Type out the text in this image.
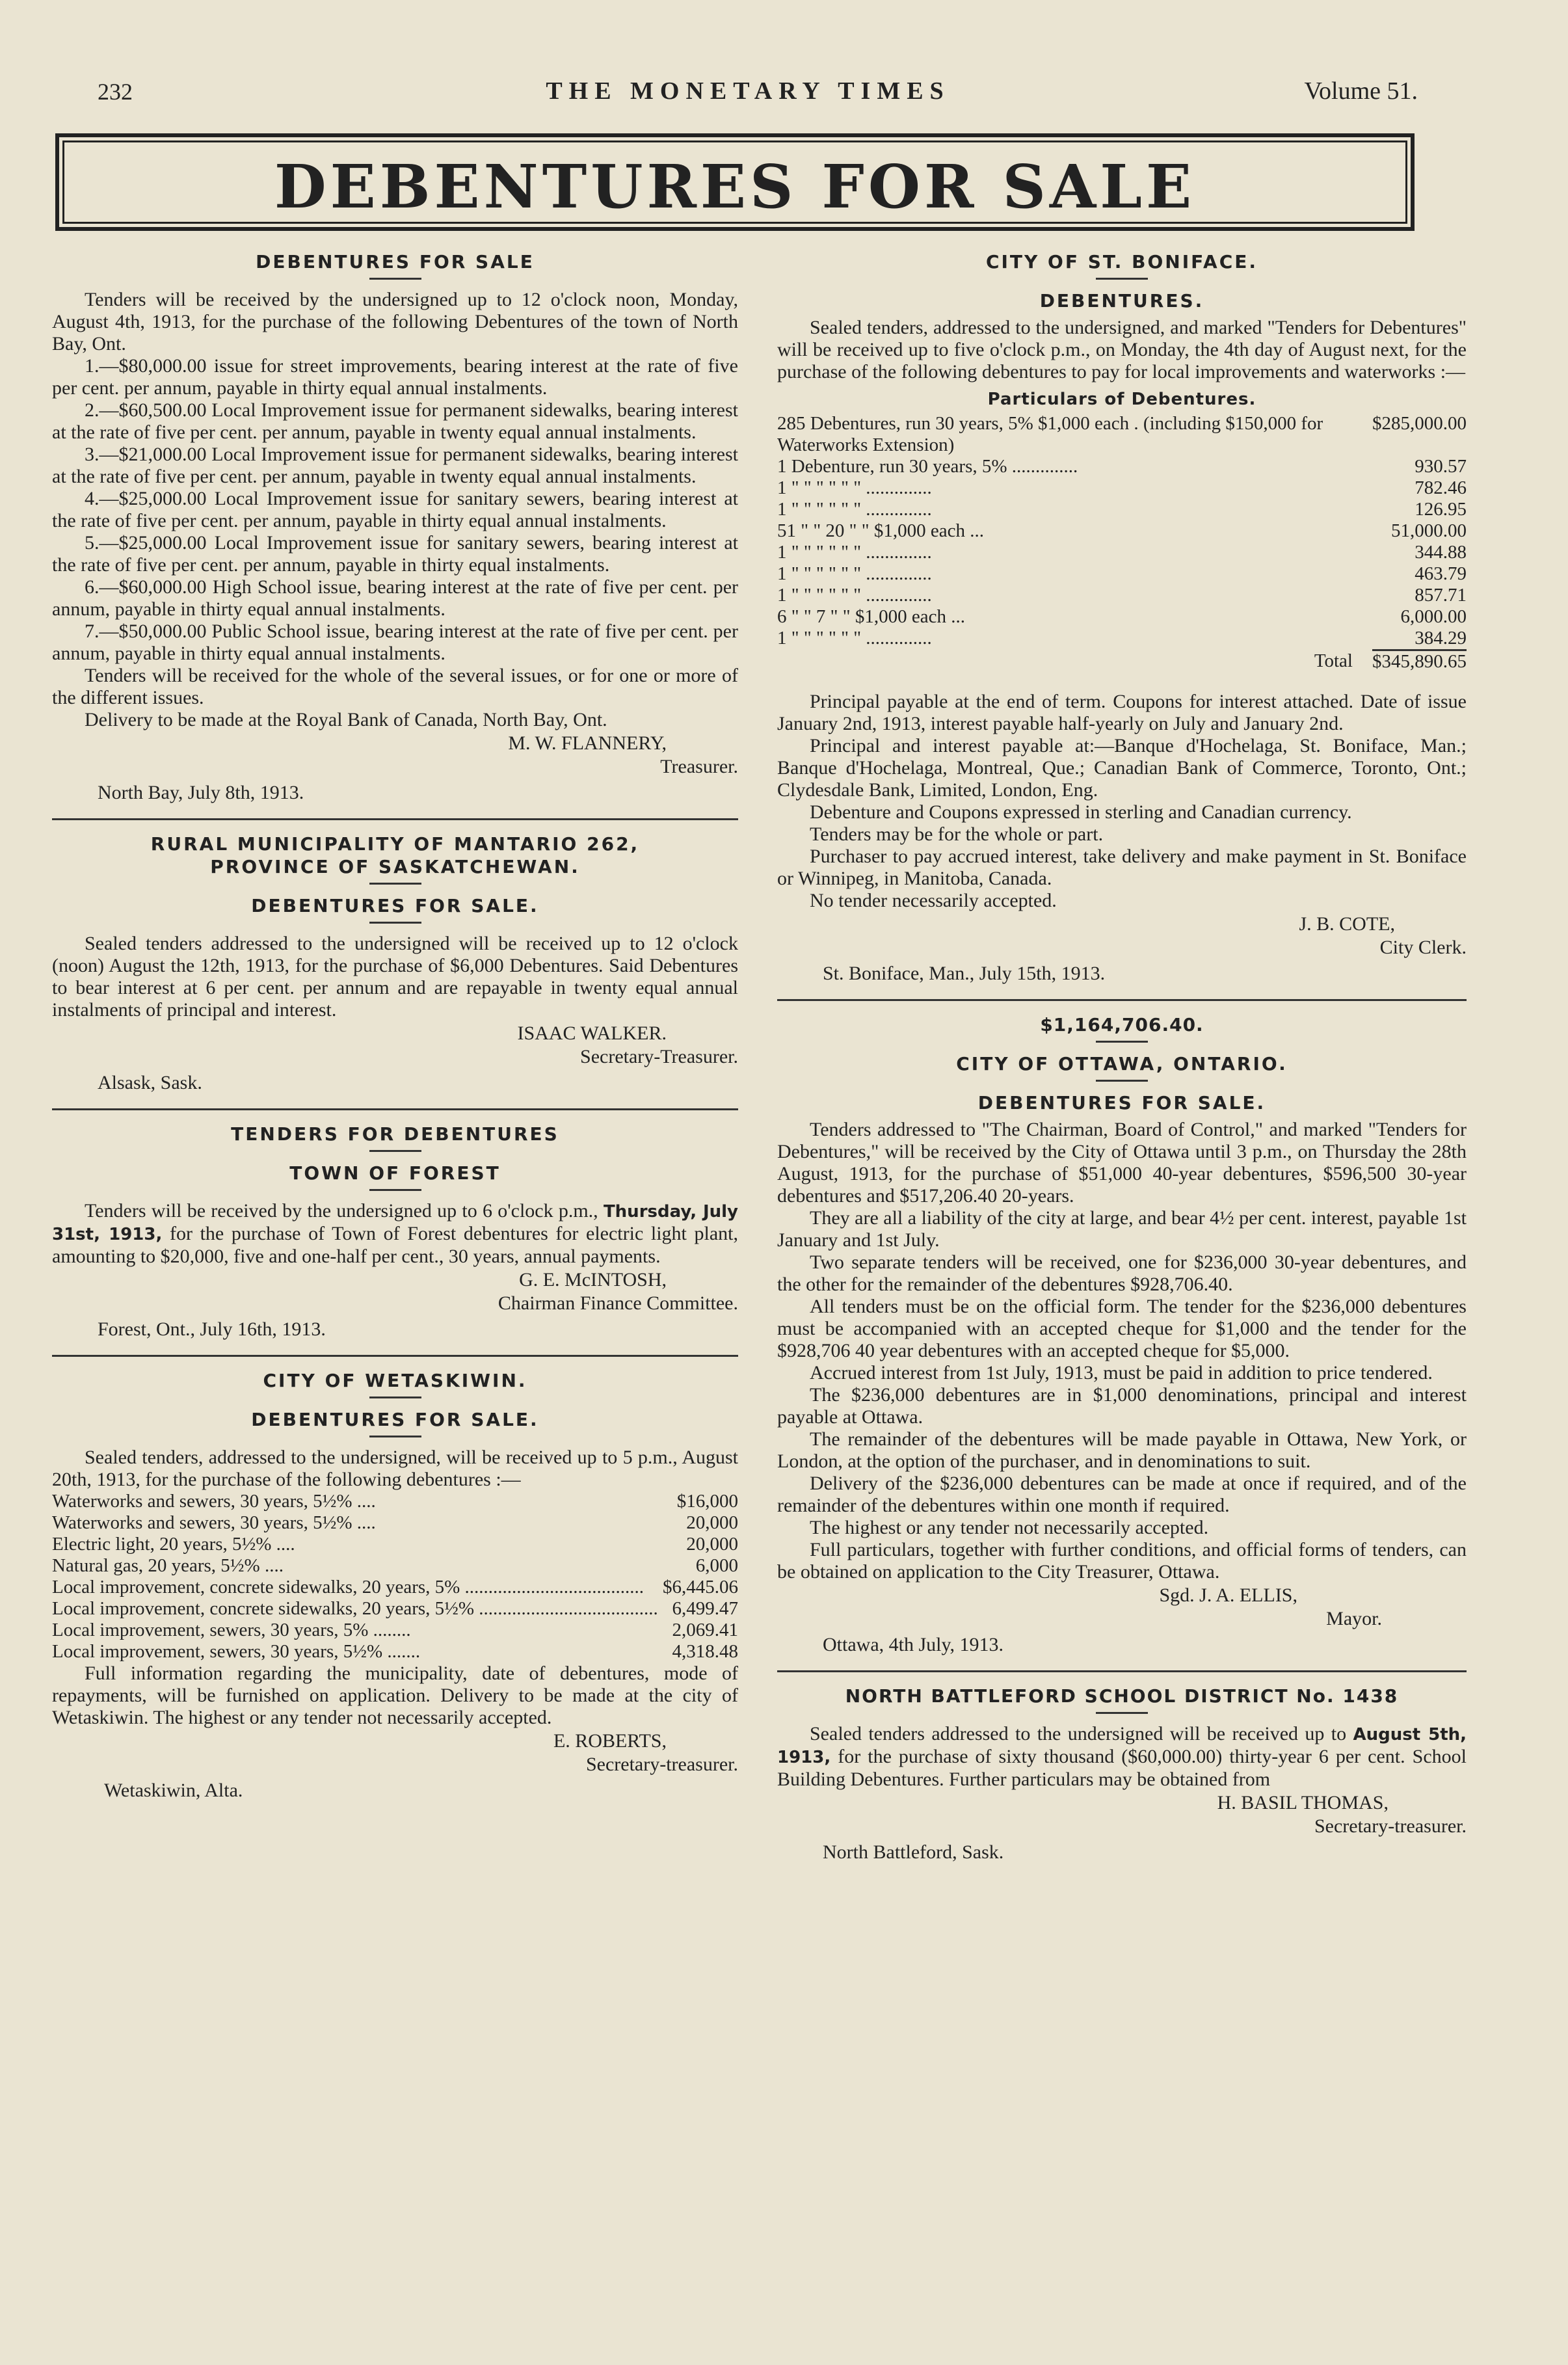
232	THE MONETARY TIMES	Volume 51.
DEBENTURES FOR SALE
DEBENTURES FOR SALE

Tenders will be received by the undersigned up to 12 o'clock noon, Monday, August 4th, 1913, for the purchase of the following Debentures of the town of North Bay, Ont.

1.—$80,000.00 issue for street improvements, bearing interest at the rate of five per cent. per annum, payable in thirty equal annual instalments.

2.—$60,500.00 Local Improvement issue for permanent sidewalks, bearing interest at the rate of five per cent. per annum, payable in twenty equal annual instalments.

3.—$21,000.00 Local Improvement issue for permanent sidewalks, bearing interest at the rate of five per cent. per annum, payable in twenty equal annual instalments.

4.—$25,000.00 Local Improvement issue for sanitary sewers, bearing interest at the rate of five per cent. per annum, payable in thirty equal annual instalments.

5.—$25,000.00 Local Improvement issue for sanitary sewers, bearing interest at the rate of five per cent. per annum, payable in thirty equal instalments.

6.—$60,000.00 High School issue, bearing interest at the rate of five per cent. per annum, payable in thirty equal annual instalments.

7.—$50,000.00 Public School issue, bearing interest at the rate of five per cent. per annum, payable in thirty equal annual instalments.

Tenders will be received for the whole of the several issues, or for one or more of the different issues.

Delivery to be made at the Royal Bank of Canada, North Bay, Ont.

M. W. FLANNERY,
Treasurer.
North Bay, July 8th, 1913.
RURAL MUNICIPALITY OF MANTARIO 262,
PROVINCE OF SASKATCHEWAN.
DEBENTURES FOR SALE.

Sealed tenders addressed to the undersigned will be received up to 12 o'clock (noon) August the 12th, 1913, for the purchase of $6,000 Debentures. Said Debentures to bear interest at 6 per cent. per annum and are repayable in twenty equal annual instalments of principal and interest.

ISAAC WALKER.
Secretary-Treasurer.
Alsask, Sask.
TENDERS FOR DEBENTURES
TOWN OF FOREST

Tenders will be received by the undersigned up to 6 o'clock p.m., Thursday, July 31st, 1913, for the purchase of Town of Forest debentures for electric light plant, amounting to $20,000, five and one-half per cent., 30 years, annual payments.

G. E. McINTOSH,
Chairman Finance Committee.
Forest, Ont., July 16th, 1913.
CITY OF WETASKIWIN.
DEBENTURES FOR SALE.

Sealed tenders, addressed to the undersigned, will be received up to 5 p.m., August 20th, 1913, for the purchase of the following debentures :—

Waterworks and sewers, 30 years, 5½% ....	$16,000
Waterworks and sewers, 30 years, 5½% ....	20,000
Electric light, 20 years, 5½% ....	20,000
Natural gas, 20 years, 5½% ....	6,000
Local improvement, concrete sidewalks, 20 years, 5% ......................................	$6,445.06
Local improvement, concrete sidewalks, 20 years, 5½% ......................................	6,499.47
Local improvement, sewers, 30 years, 5% ........	2,069.41
Local improvement, sewers, 30 years, 5½% .......	4,318.48

Full information regarding the municipality, date of debentures, mode of repayments, will be furnished on application. Delivery to be made at the city of Wetaskiwin. The highest or any tender not necessarily accepted.

E. ROBERTS,
Secretary-treasurer.
Wetaskiwin, Alta.
CITY OF ST. BONIFACE.
DEBENTURES.

Sealed tenders, addressed to the undersigned, and marked "Tenders for Debentures" will be received up to five o'clock p.m., on Monday, the 4th day of August next, for the purchase of the following debentures to pay for local improvements and waterworks :—

Particulars of Debentures.
285 Debentures, run 30 years, 5% $1,000 each . (including $150,000 for Waterworks Extension)	$285,000.00
1 Debenture, run 30 years, 5% ..............	930.57
1 " " " " " " ..............	782.46
1 " " " " " " ..............	126.95
51 " " 20 " " $1,000 each ...	51,000.00
1 " " " " " " ..............	344.88
1 " " " " " " ..............	463.79
1 " " " " " " ..............	857.71
6 " " 7 " " $1,000 each ...	6,000.00
1 " " " " " " ..............	384.29
Total	$345,890.65

Principal payable at the end of term. Coupons for interest attached. Date of issue January 2nd, 1913, interest payable half-yearly on July and January 2nd.

Principal and interest payable at:—Banque d'Hochelaga, St. Boniface, Man.; Banque d'Hochelaga, Montreal, Que.; Canadian Bank of Commerce, Toronto, Ont.; Clydesdale Bank, Limited, London, Eng.

Debenture and Coupons expressed in sterling and Canadian currency.

Tenders may be for the whole or part.

Purchaser to pay accrued interest, take delivery and make payment in St. Boniface or Winnipeg, in Manitoba, Canada.

No tender necessarily accepted.

J. B. COTE,
City Clerk.
St. Boniface, Man., July 15th, 1913.
$1,164,706.40.
CITY OF OTTAWA, ONTARIO.
DEBENTURES FOR SALE.

Tenders addressed to "The Chairman, Board of Control," and marked "Tenders for Debentures," will be received by the City of Ottawa until 3 p.m., on Thursday the 28th August, 1913, for the purchase of $51,000 40-year debentures, $596,500 30-year debentures and $517,206.40 20-years.

They are all a liability of the city at large, and bear 4½ per cent. interest, payable 1st January and 1st July.

Two separate tenders will be received, one for $236,000 30-year debentures, and the other for the remainder of the debentures $928,706.40.

All tenders must be on the official form. The tender for the $236,000 debentures must be accompanied with an accepted cheque for $1,000 and the tender for the $928,706 40 year debentures with an accepted cheque for $5,000.

Accrued interest from 1st July, 1913, must be paid in addition to price tendered.

The $236,000 debentures are in $1,000 denominations, principal and interest payable at Ottawa.

The remainder of the debentures will be made payable in Ottawa, New York, or London, at the option of the purchaser, and in denominations to suit.

Delivery of the $236,000 debentures can be made at once if required, and of the remainder of the debentures within one month if required.

The highest or any tender not necessarily accepted.

Full particulars, together with further conditions, and official forms of tenders, can be obtained on application to the City Treasurer, Ottawa.

Sgd. J. A. ELLIS,
Mayor.
Ottawa, 4th July, 1913.
NORTH BATTLEFORD SCHOOL DISTRICT No. 1438

Sealed tenders addressed to the undersigned will be received up to August 5th, 1913, for the purchase of sixty thousand ($60,000.00) thirty-year 6 per cent. School Building Debentures. Further particulars may be obtained from

H. BASIL THOMAS,
Secretary-treasurer.
North Battleford, Sask.
